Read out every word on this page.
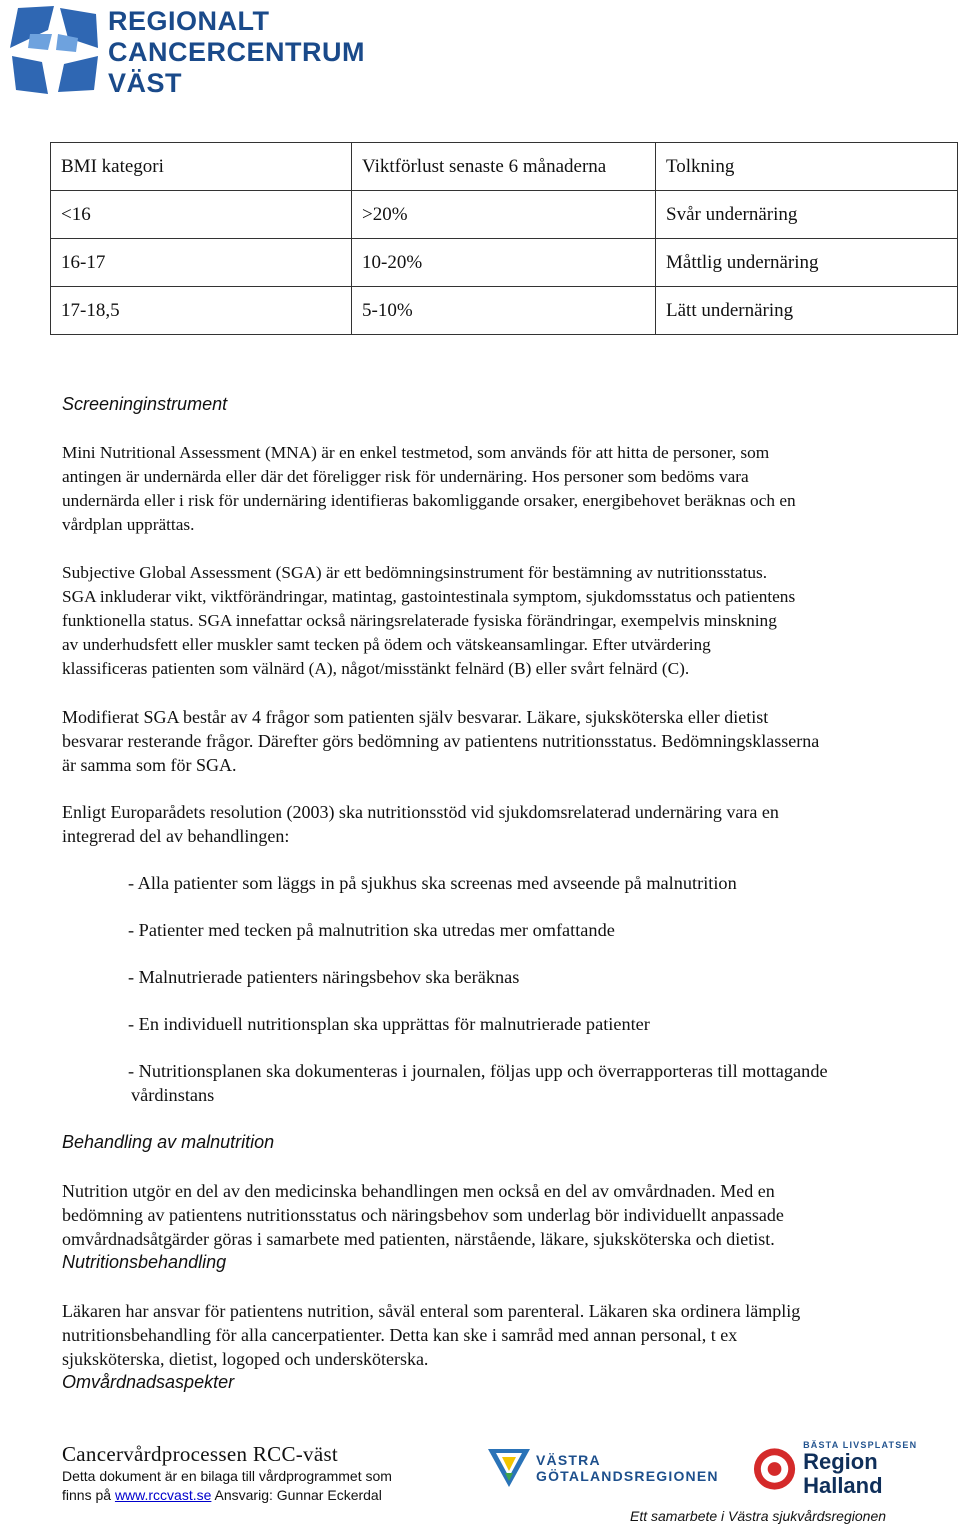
REGIONALT
CANCERCENTRUM
VÄST
BMI kategori	Viktförlust senaste 6 månaderna	Tolkning
<16	>20%	Svår undernäring
16-17	10-20%	Måttlig undernäring
17-18,5	5-10%	Lätt undernäring
Screeninginstrument
Mini Nutritional Assessment (MNA) är en enkel testmetod, som används för att hitta de personer, som
antingen är undernärda eller där det föreligger risk för undernäring. Hos personer som bedöms vara
undernärda eller i risk för undernäring identifieras bakomliggande orsaker, energibehovet beräknas och en
vårdplan upprättas.
Subjective Global Assessment (SGA) är ett bedömningsinstrument för bestämning av nutritionsstatus.
SGA inkluderar vikt, viktförändringar, matintag, gastointestinala symptom, sjukdomsstatus och patientens
funktionella status. SGA innefattar också näringsrelaterade fysiska förändringar, exempelvis minskning
av underhudsfett eller muskler samt tecken på ödem och vätskeansamlingar. Efter utvärdering
klassificeras patienten som välnärd (A), något/misstänkt felnärd (B) eller svårt felnärd (C).
Modifierat SGA består av 4 frågor som patienten själv besvarar. Läkare, sjuksköterska eller dietist
besvarar resterande frågor. Därefter görs bedömning av patientens nutritionsstatus. Bedömningsklasserna
är samma som för SGA.
Enligt Europarådets resolution (2003) ska nutritionsstöd vid sjukdomsrelaterad undernäring vara en
integrerad del av behandlingen:
- Alla patienter som läggs in på sjukhus ska screenas med avseende på malnutrition
- Patienter med tecken på malnutrition ska utredas mer omfattande
- Malnutrierade patienters näringsbehov ska beräknas
- En individuell nutritionsplan ska upprättas för malnutrierade patienter
- Nutritionsplanen ska dokumenteras i journalen, följas upp och överrapporteras till mottagande
vårdinstans
Behandling av malnutrition
Nutrition utgör en del av den medicinska behandlingen men också en del av omvårdnaden. Med en
bedömning av patientens nutritionsstatus och näringsbehov som underlag bör individuellt anpassade
omvårdnadsåtgärder göras i samarbete med patienten, närstående, läkare, sjuksköterska och dietist.
Nutritionsbehandling
Läkaren har ansvar för patientens nutrition, såväl enteral som parenteral. Läkaren ska ordinera lämplig
nutritionsbehandling för alla cancerpatienter. Detta kan ske i samråd med annan personal, t ex
sjuksköterska, dietist, logoped och undersköterska.
Omvårdnadsaspekter
Cancervårdprocessen RCC-väst
Detta dokument är en bilaga till vårdprogrammet som
finns på www.rccvast.se Ansvarig: Gunnar Eckerdal
VÄSTRA
GÖTALANDSREGIONEN
BÄSTA LIVSPLATSEN
Region Halland
Ett samarbete i Västra sjukvårdsregionen
